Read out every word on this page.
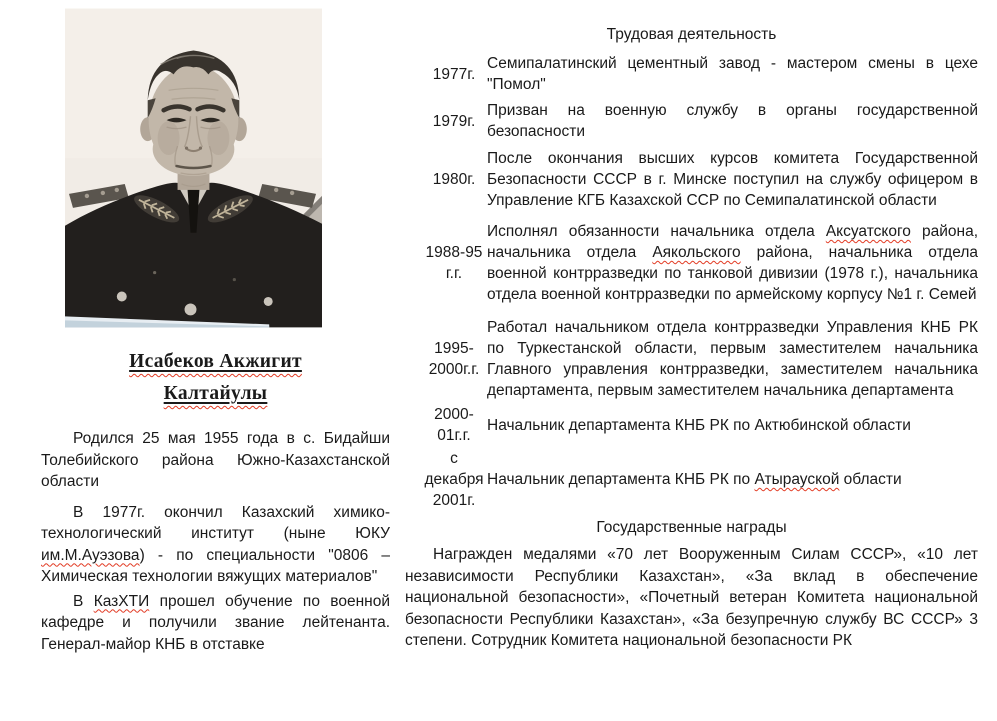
Исабеков Акжигит
Калтайулы

Родился 25 мая 1955 года в с. Бидайши Толебийского района Южно-Казахстанской области

В 1977г. окончил Казахский химико-технологический институт (ныне ЮКУ им.М.Ауэзова) - по специальности "0806 – Химическая технологии вяжущих материалов"

В КазХТИ прошел обучение по военной кафедре и получили звание лейтенанта. Генерал-майор КНБ в отставке

Трудовая деятельность
1977г.
Семипалатинский цементный завод - мастером смены в цехе "Помол"
1979г.
Призван на военную службу в органы государственной безопасности
1980г.
После окончания высших курсов комитета Государственной Безопасности СССР в г. Минске поступил на службу офицером в Управление КГБ Казахской ССР по Семипалатинской области
1988-95 г.г.
Исполнял обязанности начальника отдела Аксуатского района, начальника отдела Аякольского района, начальника отдела военной контрразведки по танковой дивизии (1978 г.), начальника отдела военной контрразведки по армейскому корпусу №1 г. Семей
1995-2000г.г.
Работал начальником отдела контрразведки Управления КНБ РК по Туркестанской области, первым заместителем начальника Главного управления контрразведки, заместителем начальника департамента, первым заместителем начальника департамента
2000-01г.г.
Начальник департамента КНБ РК по Актюбинской области
с декабря 2001г.
Начальник департамента КНБ РК по Атырауской области
Государственные награды
Награжден медалями «70 лет Вооруженным Силам СССР», «10 лет независимости Республики Казахстан», «За вклад в обеспечение национальной безопасности», «Почетный ветеран Комитета национальной безопасности Республики Казахстан», «За безупречную службу ВС СССР» 3 степени. Сотрудник Комитета национальной безопасности РК
